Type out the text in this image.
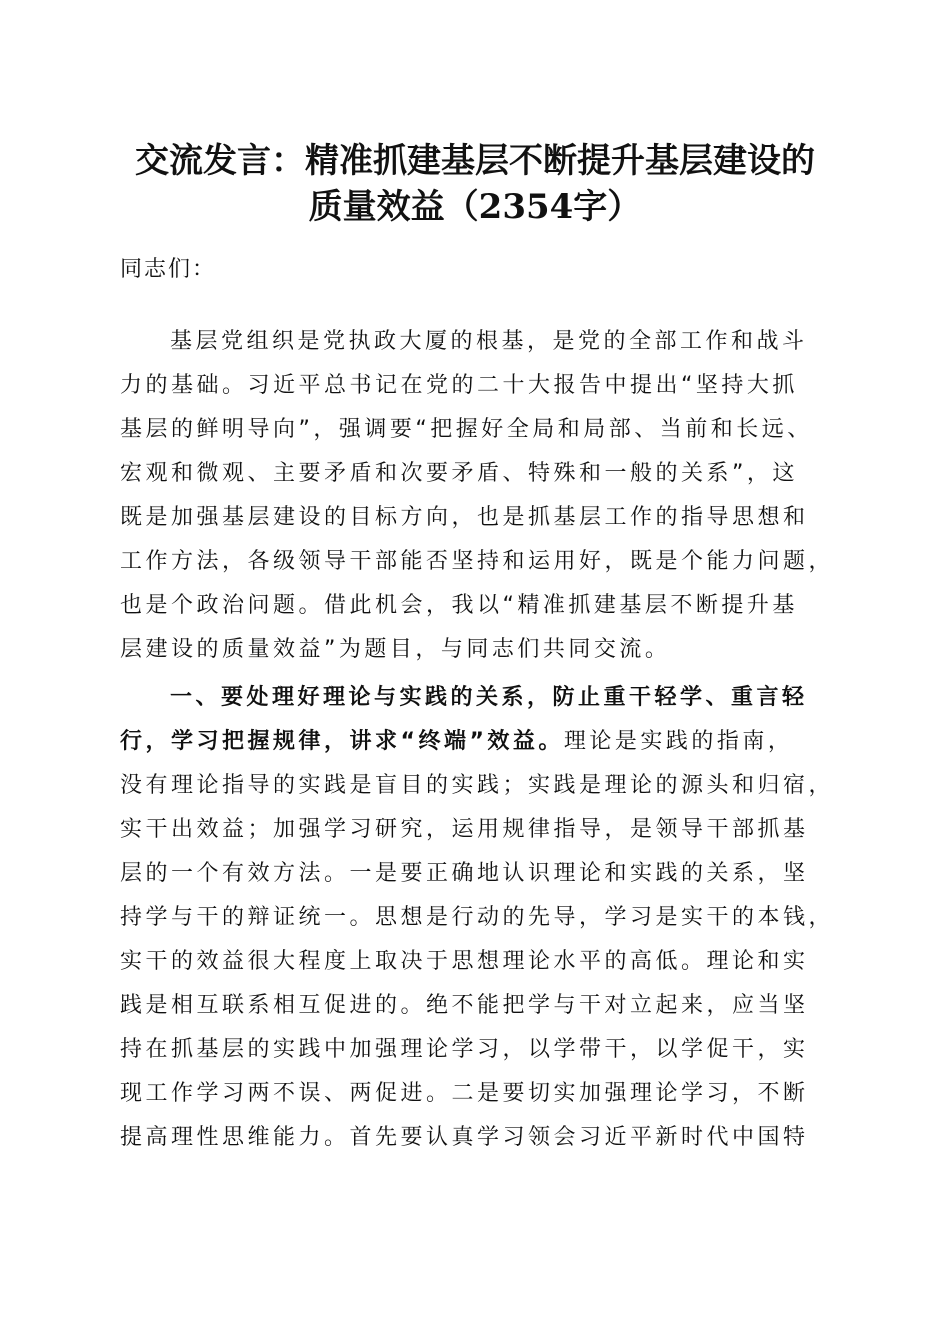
交流发言：精准抓建基层不断提升基层建设的
质量效益（2354字）

同志们：

基层党组织是党执政大厦的根基，是党的全部工作和战斗
力的基础。习近平总书记在党的二十大报告中提出“坚持大抓
基层的鲜明导向”，强调要“把握好全局和局部、当前和长远、
宏观和微观、主要矛盾和次要矛盾、特殊和一般的关系”，这
既是加强基层建设的目标方向，也是抓基层工作的指导思想和
工作方法，各级领导干部能否坚持和运用好，既是个能力问题，
也是个政治问题。借此机会，我以“精准抓建基层不断提升基
层建设的质量效益”为题目，与同志们共同交流。
一、要处理好理论与实践的关系，防止重干轻学、重言轻
行，学习把握规律，讲求“终端”效益。理论是实践的指南，
没有理论指导的实践是盲目的实践；实践是理论的源头和归宿，
实干出效益；加强学习研究，运用规律指导，是领导干部抓基
层的一个有效方法。一是要正确地认识理论和实践的关系，坚
持学与干的辩证统一。思想是行动的先导，学习是实干的本钱，
实干的效益很大程度上取决于思想理论水平的高低。理论和实
践是相互联系相互促进的。绝不能把学与干对立起来，应当坚
持在抓基层的实践中加强理论学习，以学带干，以学促干，实
现工作学习两不误、两促进。二是要切实加强理论学习，不断
提高理性思维能力。首先要认真学习领会习近平新时代中国特
